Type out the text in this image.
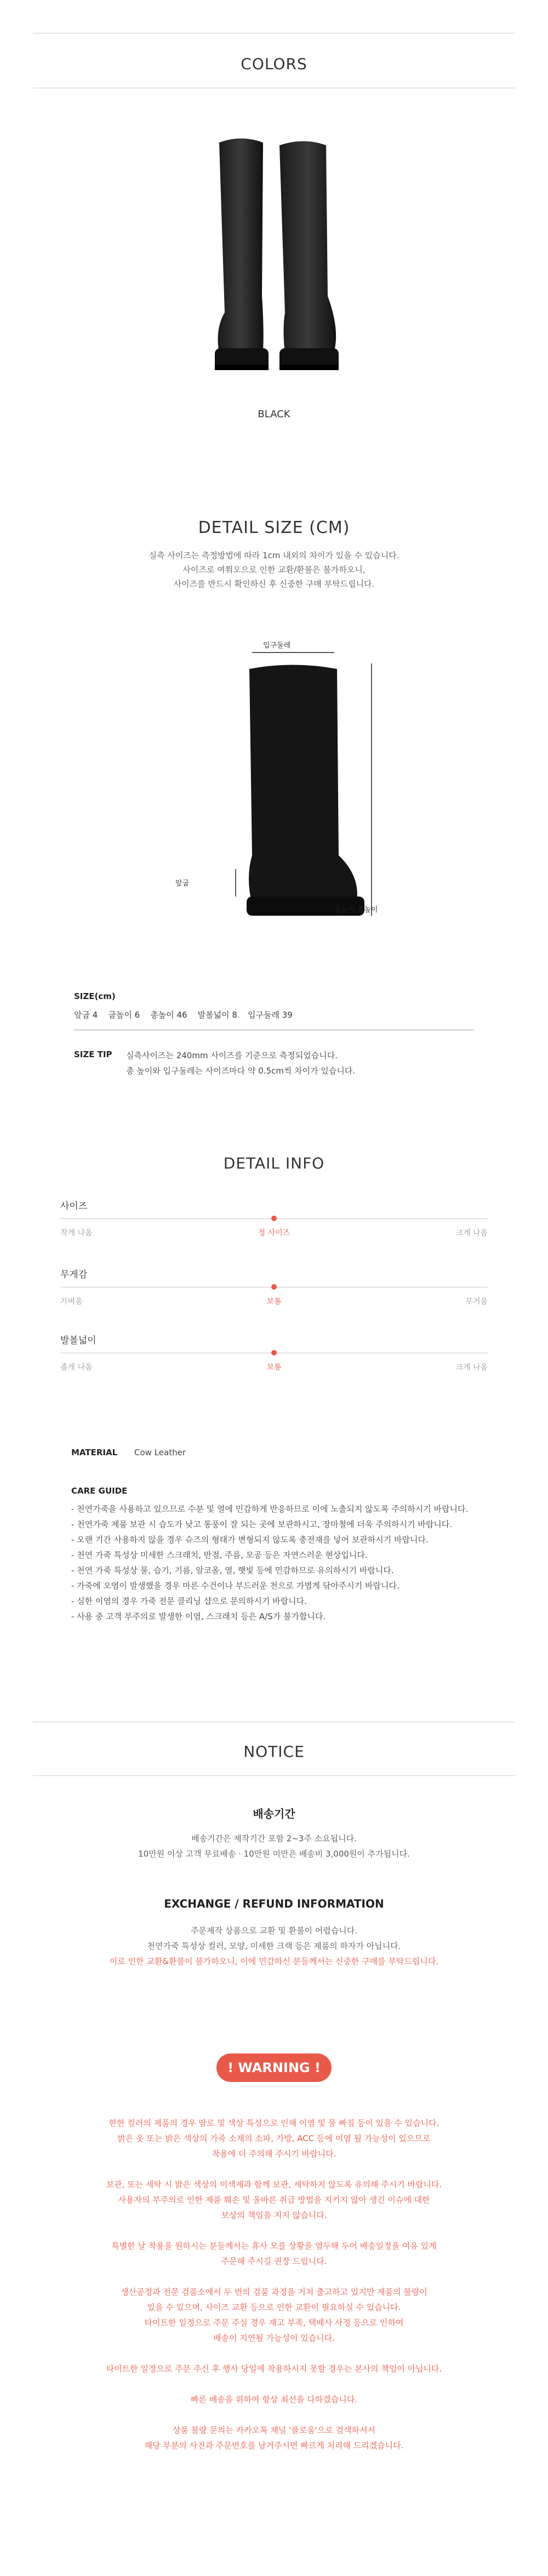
COLORS
BLACK
DETAIL SIZE (CM)
실측 사이즈는 측정방법에 따라 1cm 내외의 차이가 있을 수 있습니다.
사이즈로 여쭤오으로 인한 교환/환불은 불가하오니,
사이즈를 반드시 확인하신 후 신중한 구매 부탁드립니다.
입구둘레
앞굽
굽높이 총높이
SIZE(cm)
앞굽 4    굽높이 6    총높이 46    발볼넓이 8    입구둘레 39
SIZE TIP 실측사이즈는 240mm 사이즈를 기준으로 측정되었습니다.
총 높이와 입구둘레는 사이즈마다 약 0.5cm씩 차이가 있습니다.
DETAIL INFO
사이즈
작게 나옴	정 사이즈	크게 나옴
무게감
가벼움	보통	무거움
발볼넓이
좁게 나옴	보통	크게 나옴
MATERIAL Cow Leather
CARE GUIDE
- 천연가죽을 사용하고 있으므로 수분 및 열에 민감하게 반응하므로 이에 노출되지 않도록 주의하시기 바랍니다.
- 천연가죽 제품 보관 시 습도가 낮고 통풍이 잘 되는 곳에 보관하시고, 장마철에 더욱 주의하시기 바랍니다.
- 오랜 기간 사용하지 않을 경우 슈즈의 형태가 변형되지 않도록 충전재를 넣어 보관하시기 바랍니다.
- 천연 가죽 특성상 미세한 스크래치, 반점, 주름, 모공 등은 자연스러운 현상입니다.
- 천연 가죽 특성상 물, 습기, 기름, 알코올, 열, 햇빛 등에 민감하므로 유의하시기 바랍니다.
- 가죽에 오염이 발생했을 경우 마른 수건이나 부드러운 천으로 가볍게 닦아주시기 바랍니다.
- 심한 이염의 경우 가죽 전문 클리닝 샵으로 문의하시기 바랍니다.
- 사용 중 고객 부주의로 발생한 이염, 스크래치 등은 A/S가 불가합니다.
NOTICE
배송기간
배송기간은 제작기간 포함 2~3주 소요됩니다.
10만원 이상 고객 무료배송 · 10만원 미만은 배송비 3,000원이 추가됩니다.
EXCHANGE / REFUND INFORMATION
주문제작 상품으로 교환 및 환불이 어렵습니다.
천연가죽 특성상 컬러, 모양, 미세한 크랙 등은 제품의 하자가 아닙니다.
이로 인한 교환&환불이 불가하오니, 이에 민감하신 분들께서는 신중한 구매를 부탁드립니다.
! WARNING !
한한 컬러의 제품의 경우 땀로 및 색상 특성으로 인해 이염 및 물 빠짐 등이 있을 수 있습니다.
밝은 옷 또는 밝은 색상의 가죽 소재의 소파, 가방, ACC 등에 이염 될 가능성이 있으므로
착용에 더 주의해 주시기 바랍니다.
보관, 또는 세탁 시 밝은 색상의 미색제과 함께 보관, 세탁하지 않도록 유의해 주시기 바랍니다.
사용자의 부주의로 인한 제품 훼손 및 올바른 취급 방법을 지키지 않아 생긴 이슈에 대한
보상의 책임을 지지 않습니다.
특별한 날 착용을 원하시는 분들께서는 휴사 모를 상황을 염두해 두어 배송일정을 여유 있게
주문해 주시길 권장 드립니다.
생산공정과 전문 검품소에서 두 번의 검품 과정을 거쳐 출고하고 있지만 제품의 불량이
있을 수 있으며, 사이즈 교환 등으로 인한 교환이 필요하실 수 있습니다.
타이트한 일정으로 주문 주실 경우 재고 부족, 택배사 사정 등으로 인하여
배송이 지연될 가능성이 있습니다.
타이트한 일정으로 주문 주신 후 행사 당일에 착용하시지 못할 경우는 본사의 책임이 아닙니다.
빠른 배송을 위하여 항상 최선을 다하겠습니다.
상품 불량 문의는 카카오톡 채널 '플로움'으로 검색하셔서
해당 부분의 사진과 주문번호를 남겨주시면 빠르게 처리해 드리겠습니다.
